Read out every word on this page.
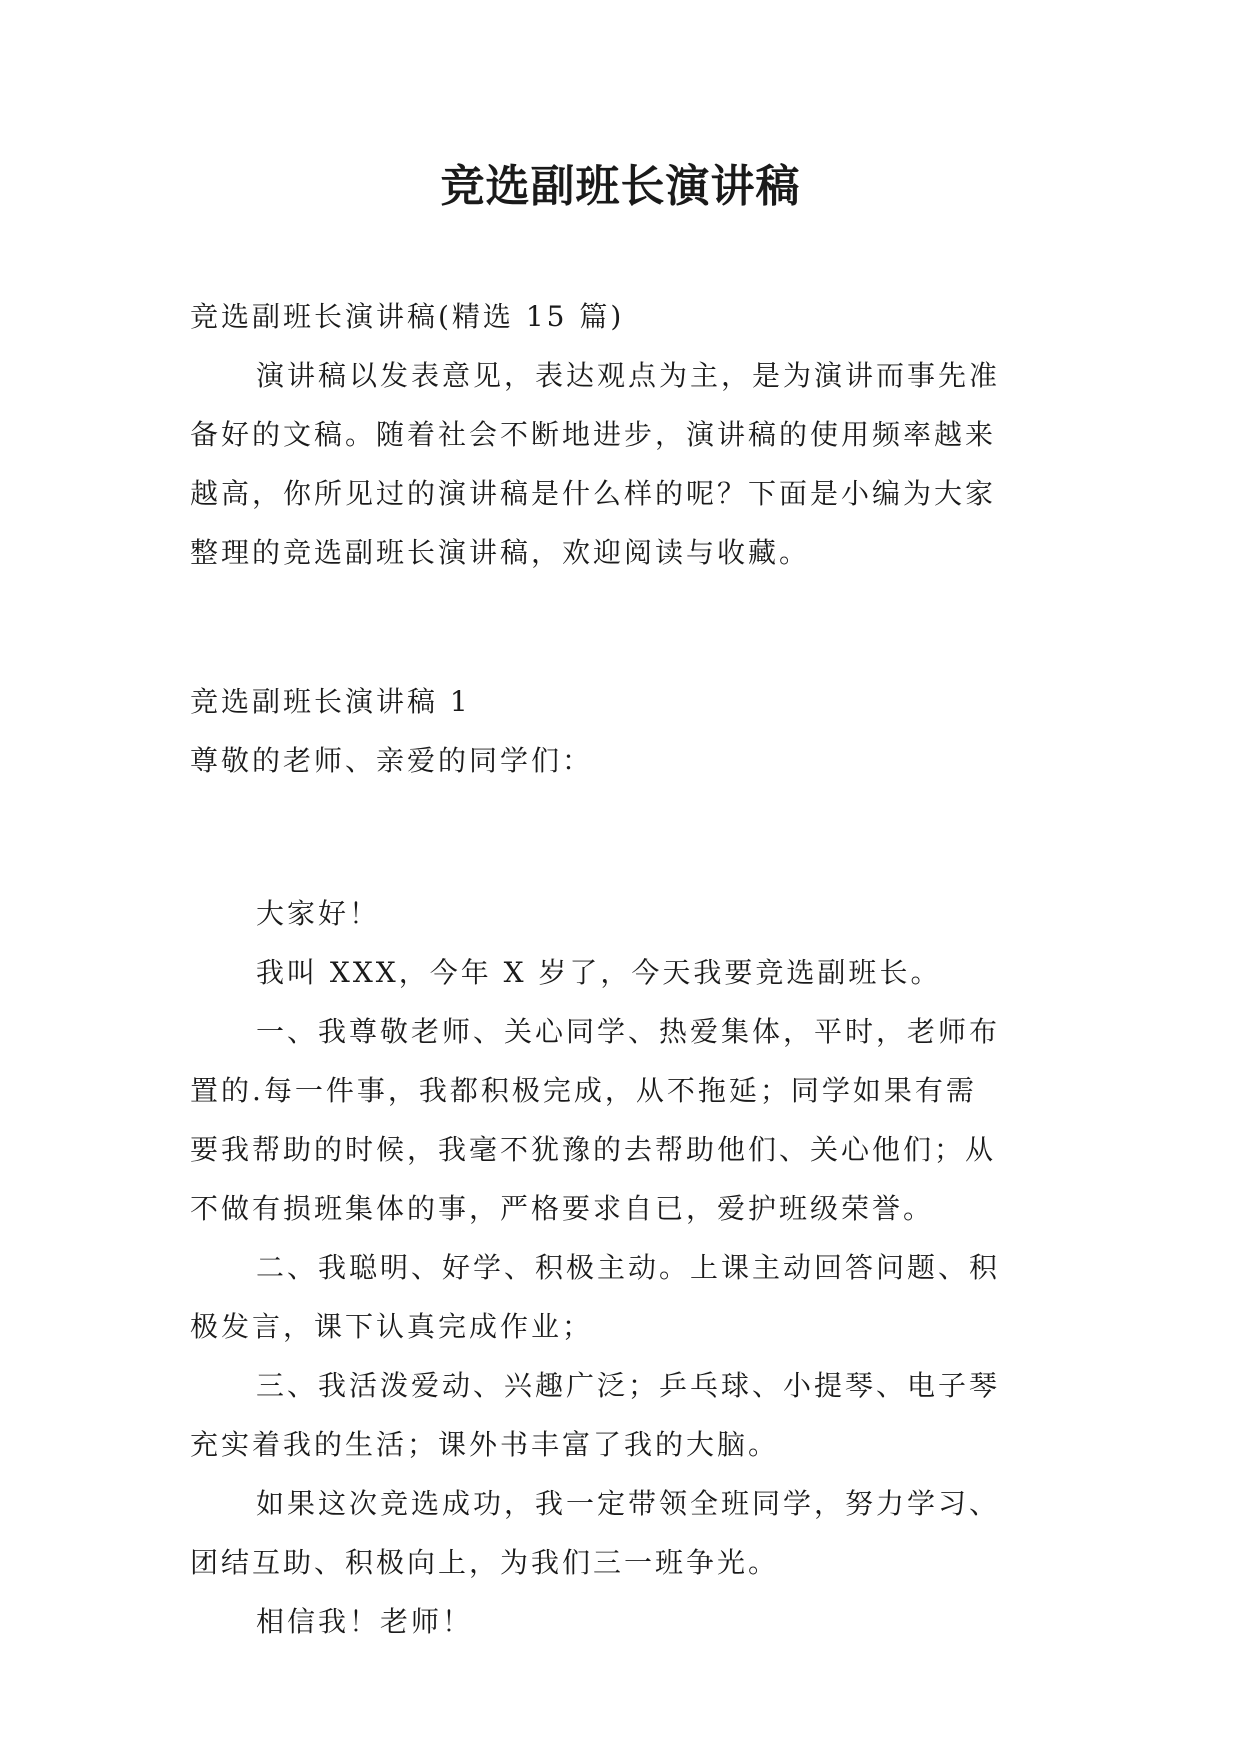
竞选副班长演讲稿
竞选副班长演讲稿(精选 15 篇)
演讲稿以发表意见，表达观点为主，是为演讲而事先准
备好的文稿。随着社会不断地进步，演讲稿的使用频率越来
越高，你所见过的演讲稿是什么样的呢？下面是小编为大家
整理的竞选副班长演讲稿，欢迎阅读与收藏。
竞选副班长演讲稿 1
尊敬的老师、亲爱的同学们：
大家好！
我叫 XXX，今年 X 岁了，今天我要竞选副班长。
一、我尊敬老师、关心同学、热爱集体，平时，老师布
置的.每一件事，我都积极完成，从不拖延；同学如果有需
要我帮助的时候，我毫不犹豫的去帮助他们、关心他们；从
不做有损班集体的事，严格要求自已，爱护班级荣誉。
二、我聪明、好学、积极主动。上课主动回答问题、积
极发言，课下认真完成作业；
三、我活泼爱动、兴趣广泛；乒乓球、小提琴、电子琴
充实着我的生活；课外书丰富了我的大脑。
如果这次竞选成功，我一定带领全班同学，努力学习、
团结互助、积极向上，为我们三一班争光。
相信我！老师！
